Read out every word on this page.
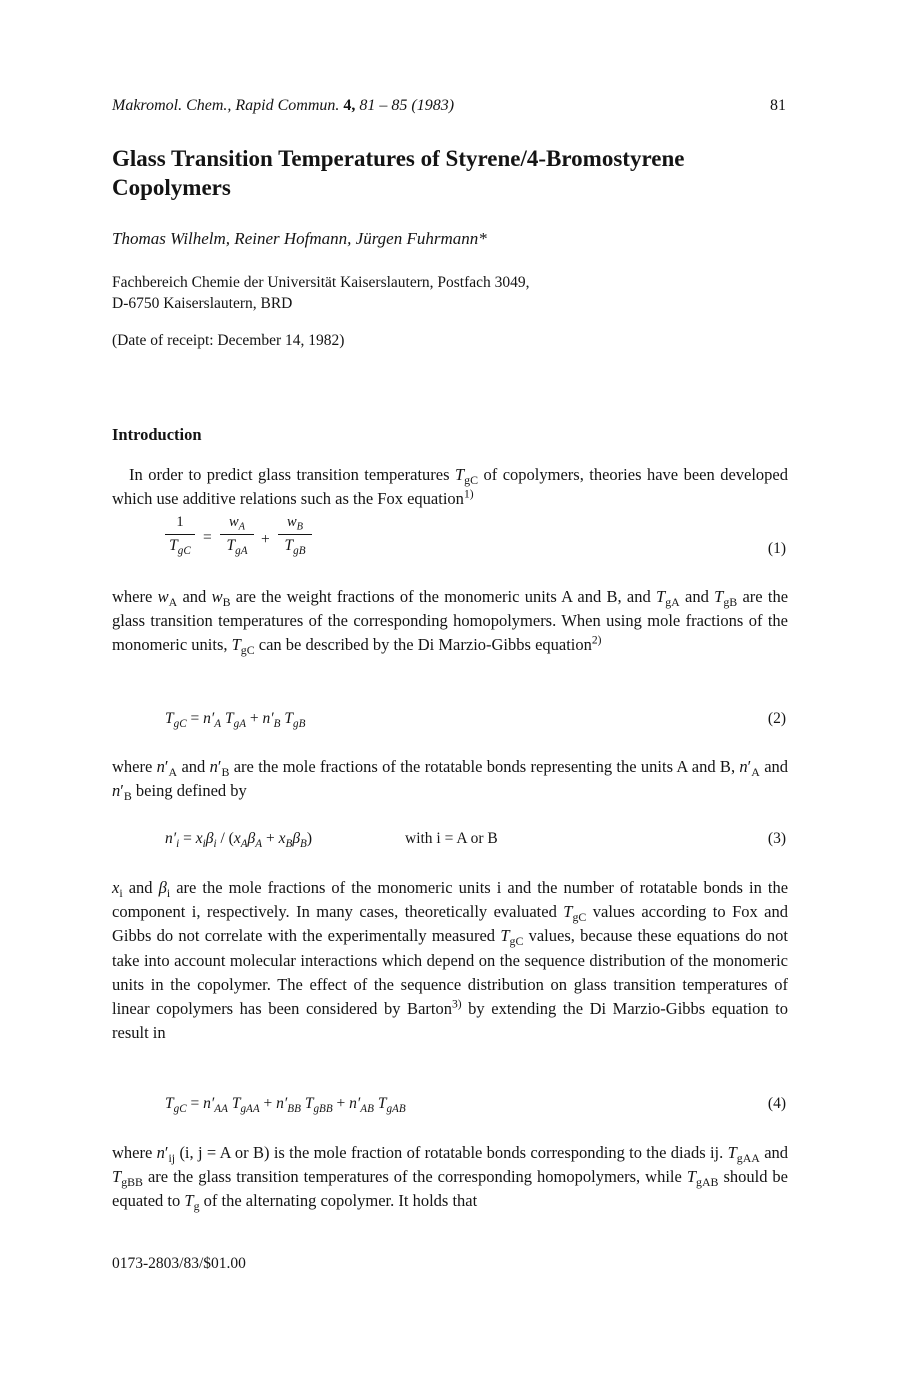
Makromol. Chem., Rapid Commun. 4, 81 – 85 (1983)	81
Glass Transition Temperatures of Styrene/4-Bromostyrene Copolymers
Thomas Wilhelm, Reiner Hofmann, Jürgen Fuhrmann*
Fachbereich Chemie der Universität Kaiserslautern, Postfach 3049,
D-6750 Kaiserslautern, BRD
(Date of receipt: December 14, 1982)
Introduction

In order to predict glass transition temperatures $T_{gC}$ of copolymers, theories have been developed which use additive relations such as the Fox equation$^{1)}$

1
$T_{gC}$
=
$w_A$
$T_{gA}$
+
$w_B$
$T_{gB}$	(1)

where $w_A$ and $w_B$ are the weight fractions of the monomeric units A and B, and $T_{gA}$ and $T_{gB}$ are the glass transition temperatures of the corresponding homopolymers. When using mole fractions of the monomeric units, $T_{gC}$ can be described by the Di Marzio-Gibbs equation$^{2)}$

$T_{gC} = n'_A$ $T_{gA} + n'_B$ $T_{gB}$	(2)

where $n'_A$ and $n'_B$ are the mole fractions of the rotatable bonds representing the units A and B, $n'_A$ and $n'_B$ being defined by

$n'_i = x_i\beta_i / (x_A\beta_A + x_B\beta_B)$	with i = A or B	(3)

$x_i$ and $\beta_i$ are the mole fractions of the monomeric units i and the number of rotatable bonds in the component i, respectively. In many cases, theoretically evaluated $T_{gC}$ values according to Fox and Gibbs do not correlate with the experimentally measured $T_{gC}$ values, because these equations do not take into account molecular interactions which depend on the sequence distribution of the monomeric units in the copolymer. The effect of the sequence distribution on glass transition temperatures of linear copolymers has been considered by Barton$^{3)}$ by extending the Di Marzio-Gibbs equation to result in

$T_{gC} = n'_{AA}$ $T_{gAA} + n'_{BB}$ $T_{gBB} + n'_{AB}$ $T_{gAB}$	(4)

where $n'_{ij}$ (i, j = A or B) is the mole fraction of rotatable bonds corresponding to the diads ij. $T_{gAA}$ and $T_{gBB}$ are the glass transition temperatures of the corresponding homopolymers, while $T_{gAB}$ should be equated to $T_g$ of the alternating copolymer. It holds that

0173-2803/83/$01.00
